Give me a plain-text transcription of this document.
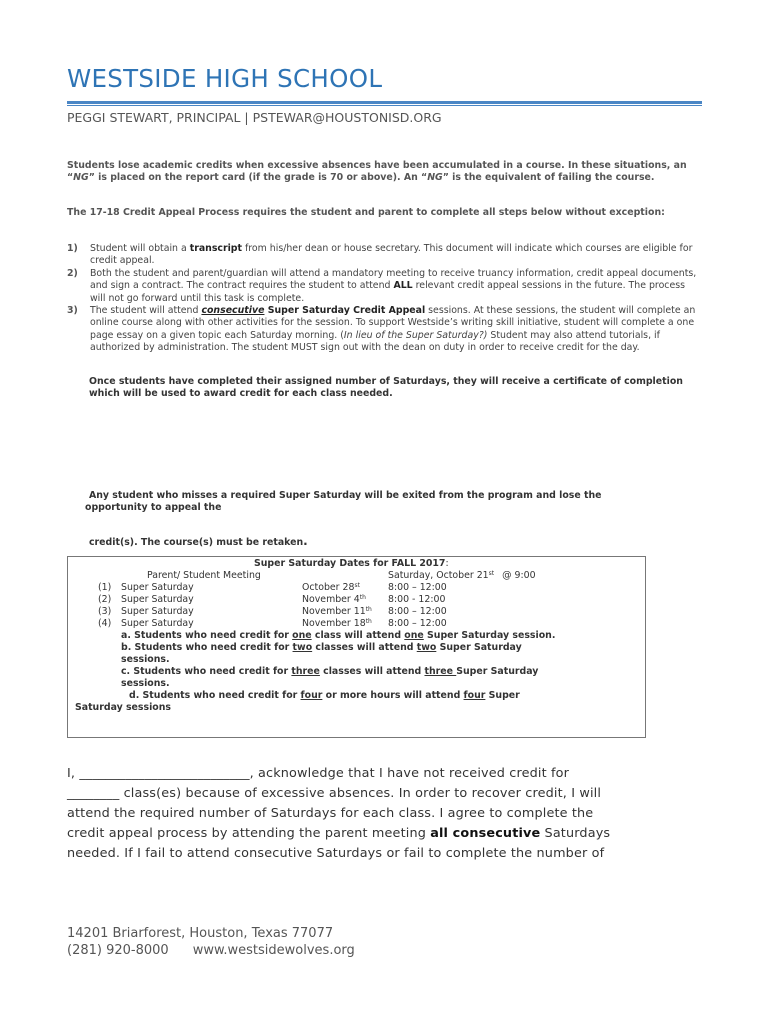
WESTSIDE HIGH SCHOOL
PEGGI STEWART, PRINCIPAL | PSTEWAR@HOUSTONISD.ORG
Students lose academic credits when excessive absences have been accumulated in a course. In these situations, an “NG” is placed on the report card (if the grade is 70 or above). An “NG” is the equivalent of failing the course.
The 17-18 Credit Appeal Process requires the student and parent to complete all steps below without exception:
1) Student will obtain a transcript from his/her dean or house secretary. This document will indicate which courses are eligible for credit appeal.
2) Both the student and parent/guardian will attend a mandatory meeting to receive truancy information, credit appeal documents, and sign a contract. The contract requires the student to attend ALL relevant credit appeal sessions in the future. The process will not go forward until this task is complete.
3) The student will attend consecutive Super Saturday Credit Appeal sessions. At these sessions, the student will complete an online course along with other activities for the session. To support Westside’s writing skill initiative, student will complete a one page essay on a given topic each Saturday morning. (In lieu of the Super Saturday?) Student may also attend tutorials, if authorized by administration. The student MUST sign out with the dean on duty in order to receive credit for the day.
Once students have completed their assigned number of Saturdays, they will receive a certificate of completion which will be used to award credit for each class needed.
Any student who misses a required Super Saturday will be exited from the program and lose the
opportunity to appeal the
credit(s). The course(s) must be retaken.
Super Saturday Dates for FALL 2017:
Parent/ Student Meeting	Saturday, October 21st @ 9:00
(1) Super Saturday	October 28st	8:00 – 12:00
(2) Super Saturday	November 4th 8:00 - 12:00
(3) Super Saturday	November 11th 8:00 – 12:00
(4) Super Saturday	November 18th 8:00 – 12:00
a. Students who need credit for one class will attend one Super Saturday session.
b. Students who need credit for two classes will attend two Super Saturday
sessions.
c. Students who need credit for three classes will attend three Super Saturday
sessions.
d. Students who need credit for four or more hours will attend four Super
Saturday sessions
I, __________________________, acknowledge that I have not received credit for
________ class(es) because of excessive absences. In order to recover credit, I will
attend the required number of Saturdays for each class. I agree to complete the
credit appeal process by attending the parent meeting all consecutive Saturdays
needed. If I fail to attend consecutive Saturdays or fail to complete the number of
14201 Briarforest, Houston, Texas 77077
(281) 920-8000 www.westsidewolves.org
